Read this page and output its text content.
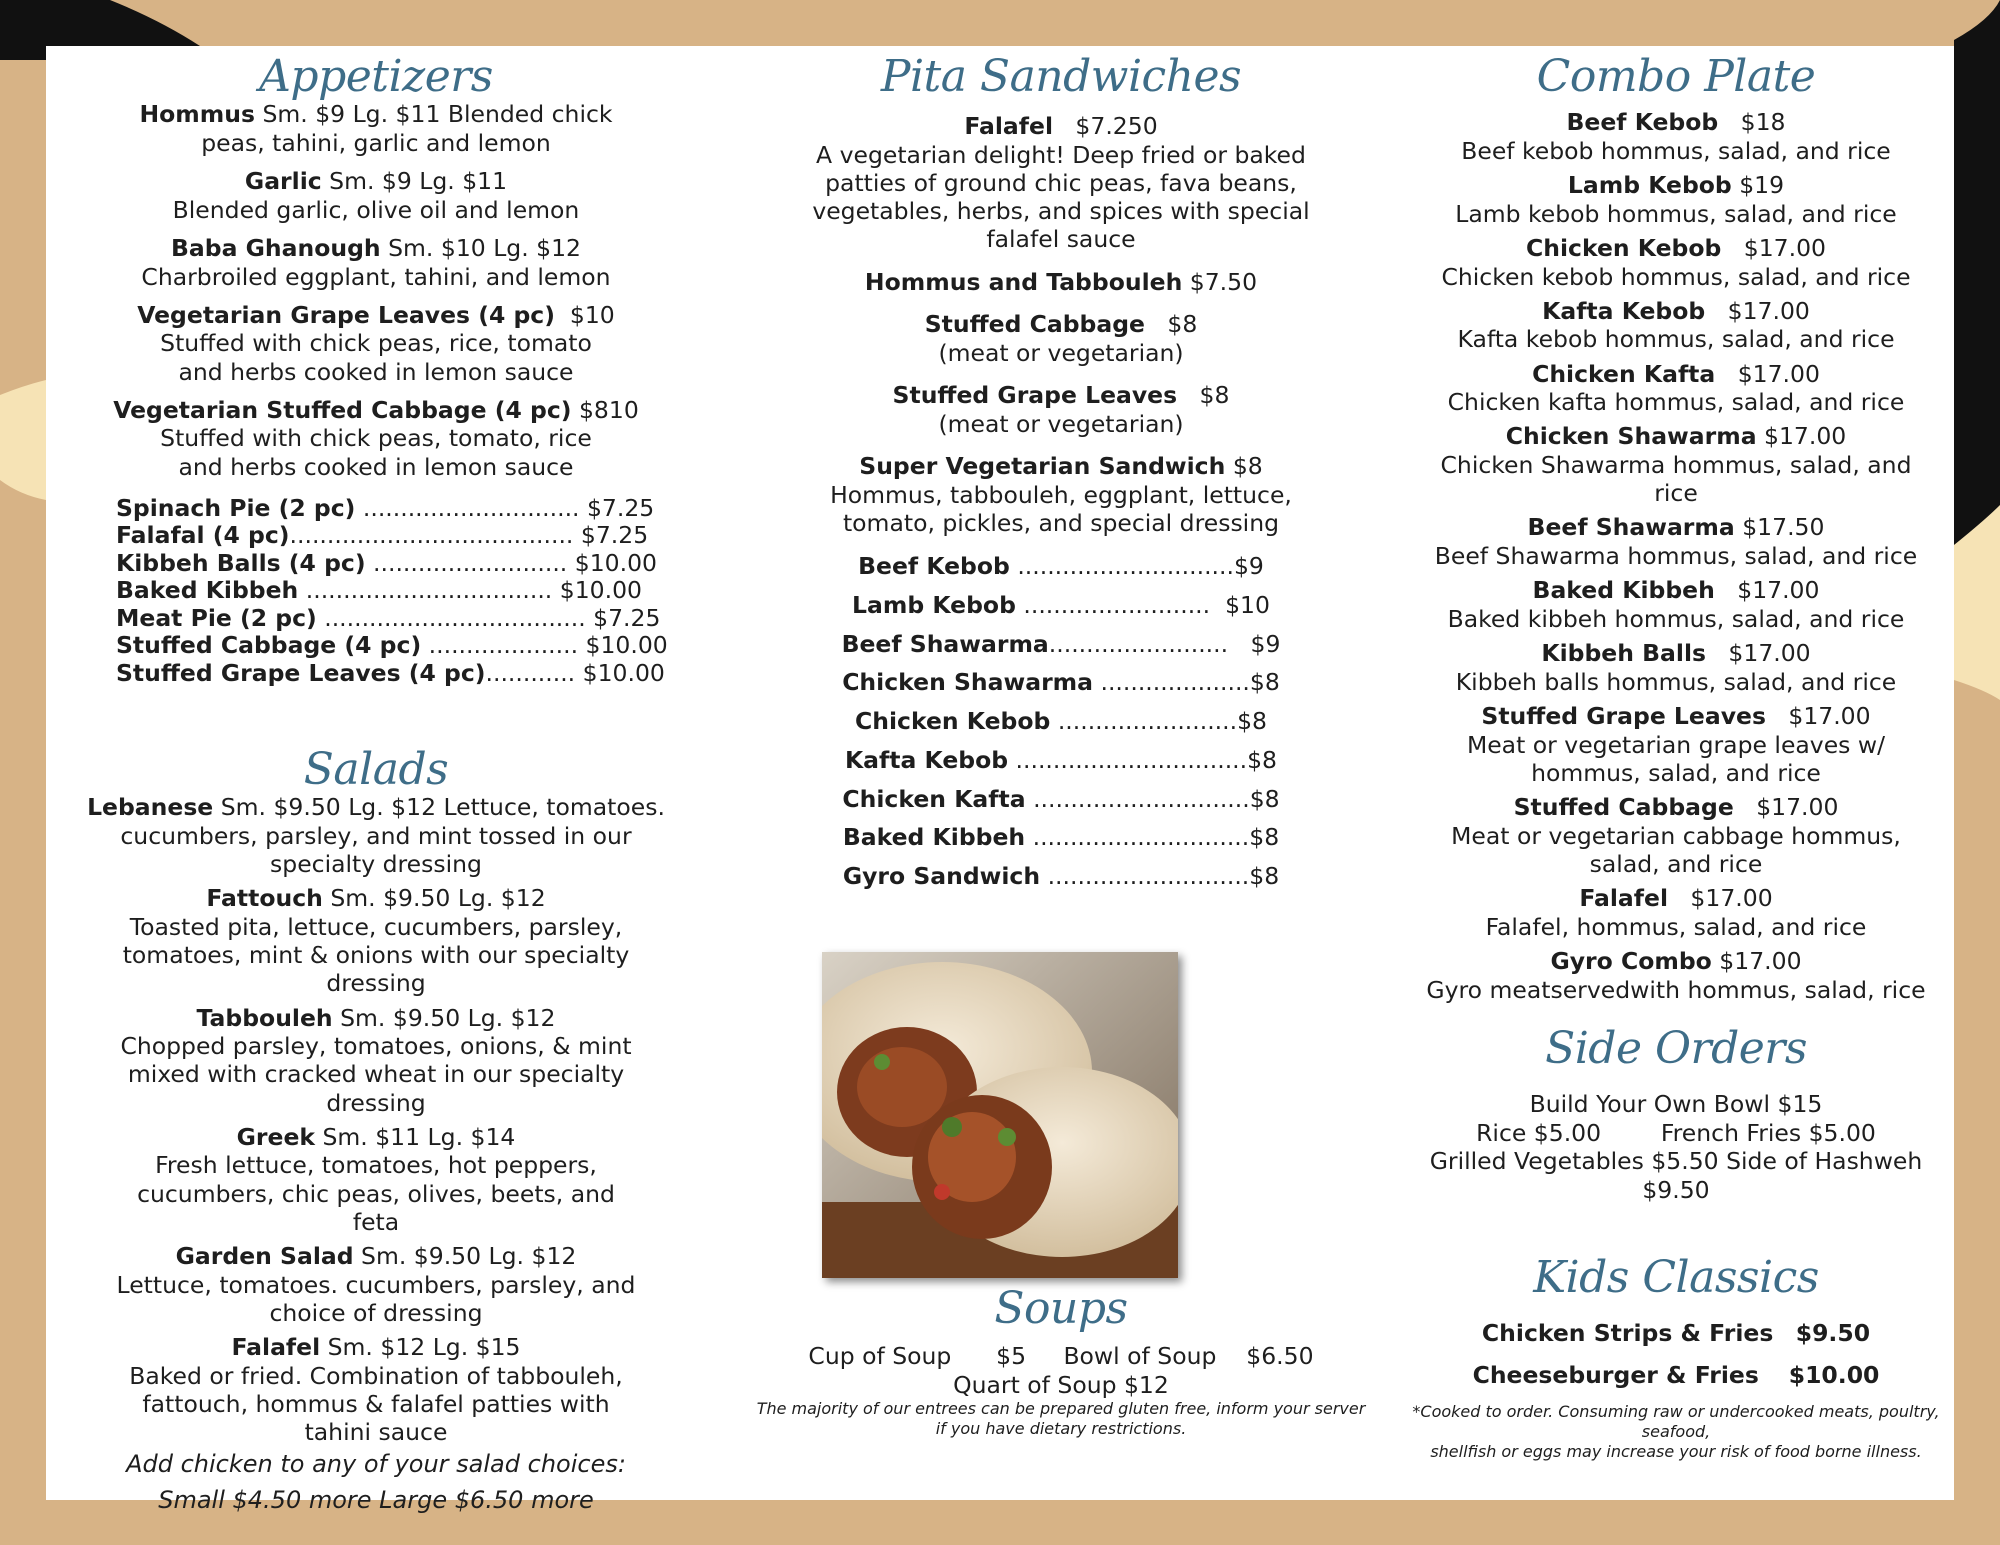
Appetizers
Hommus Sm. $9 Lg. $11 Blended chick
peas, tahini, garlic and lemon
Garlic Sm. $9 Lg. $11
Blended garlic, olive oil and lemon
Baba Ghanough Sm. $10 Lg. $12
Charbroiled eggplant, tahini, and lemon
Vegetarian Grape Leaves (4 pc)  $10
Stuffed with chick peas, rice, tomato and herbs cooked in lemon sauce
Vegetarian Stuffed Cabbage (4 pc) $810
Stuffed with chick peas, tomato, rice and herbs cooked in lemon sauce
Spinach Pie (2 pc) ............................. $7.25
Falafal (4 pc)...................................... $7.25
Kibbeh Balls (4 pc) .......................... $10.00
Baked Kibbeh ................................. $10.00
Meat Pie (2 pc) ................................... $7.25
Stuffed Cabbage (4 pc) .................... $10.00
Stuffed Grape Leaves (4 pc)............ $10.00
Salads
Lebanese Sm. $9.50 Lg. $12 Lettuce, tomatoes.
cucumbers, parsley, and mint tossed in our specialty dressing
Fattouch Sm. $9.50 Lg. $12
Toasted pita, lettuce, cucumbers, parsley, tomatoes, mint & onions with our specialty dressing
Tabbouleh Sm. $9.50 Lg. $12
Chopped parsley, tomatoes, onions, & mint mixed with cracked wheat in our specialty dressing
Greek Sm. $11 Lg. $14
Fresh lettuce, tomatoes, hot peppers, cucumbers, chic peas, olives, beets, and feta
Garden Salad Sm. $9.50 Lg. $12
Lettuce, tomatoes. cucumbers, parsley, and choice of dressing
Falafel Sm. $12 Lg. $15
Baked or fried. Combination of tabbouleh, fattouch, hommus & falafel patties with tahini sauce
Add chicken to any of your salad choices:
Small $4.50 more Large $6.50 more
Pita Sandwiches
Falafel   $7.250
A vegetarian delight! Deep fried or baked patties of ground chic peas, fava beans, vegetables, herbs, and spices with special falafel sauce
Hommus and Tabbouleh $7.50
Stuffed Cabbage   $8
(meat or vegetarian)
Stuffed Grape Leaves   $8
(meat or vegetarian)
Super Vegetarian Sandwich $8
Hommus, tabbouleh, eggplant, lettuce, tomato, pickles, and special dressing
Beef Kebob .............................$9
Lamb Kebob .........................  $10
Beef Shawarma........................   $9
Chicken Shawarma ....................$8
Chicken Kebob ........................$8
Kafta Kebob ...............................$8
Chicken Kafta .............................$8
Baked Kibbeh .............................$8
Gyro Sandwich ...........................$8
Soups
Cup of Soup $5 Bowl of Soup $6.50
Quart of Soup $12
The majority of our entrees can be prepared gluten free, inform your server
if you have dietary restrictions.
Combo Plate
Beef Kebob   $18
Beef kebob hommus, salad, and rice
Lamb Kebob $19
Lamb kebob hommus, salad, and rice
Chicken Kebob   $17.00
Chicken kebob hommus, salad, and rice
Kafta Kebob   $17.00
Kafta kebob hommus, salad, and rice
Chicken Kafta   $17.00
Chicken kafta hommus, salad, and rice
Chicken Shawarma $17.00
Chicken Shawarma hommus, salad, and rice
Beef Shawarma $17.50
Beef Shawarma hommus, salad, and rice
Baked Kibbeh   $17.00
Baked kibbeh hommus, salad, and rice
Kibbeh Balls   $17.00
Kibbeh balls hommus, salad, and rice
Stuffed Grape Leaves   $17.00
Meat or vegetarian grape leaves w/ hommus, salad, and rice
Stuffed Cabbage   $17.00
Meat or vegetarian cabbage hommus, salad, and rice
Falafel   $17.00
Falafel, hommus, salad, and rice
Gyro Combo $17.00
Gyro meatservedwith hommus, salad, rice
Side Orders
Build Your Own Bowl $15
Rice $5.00	French Fries $5.00
Grilled Vegetables $5.50 Side of Hashweh $9.50
Kids Classics
Chicken Strips & Fries $9.50
Cheeseburger & Fries $10.00
*Cooked to order. Consuming raw or undercooked meats, poultry, seafood,
shellfish or eggs may increase your risk of food borne illness.
